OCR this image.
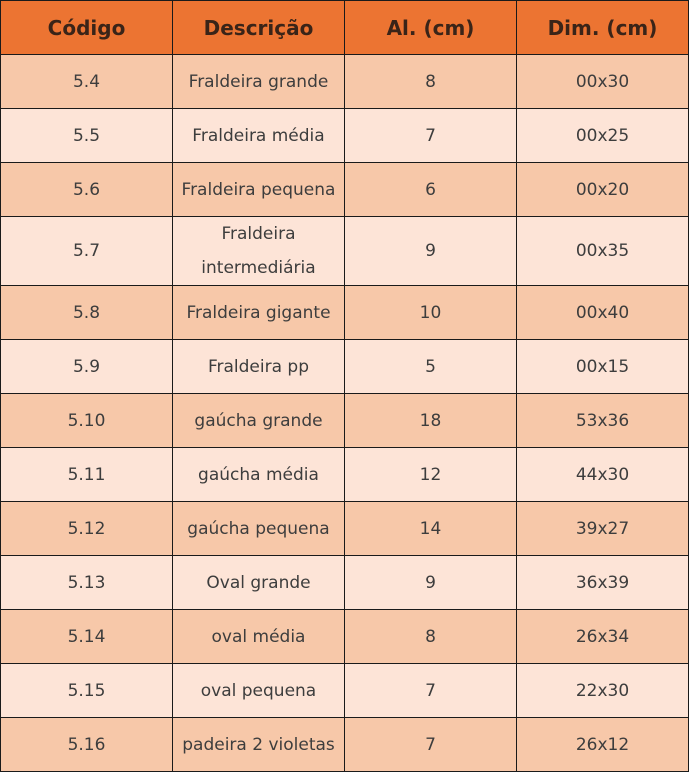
Código	Descrição	Al. (cm)	Dim. (cm)
5.4	Fraldeira grande	8	00x30
5.5	Fraldeira média	7	00x25
5.6	Fraldeira pequena	6	00x20
5.7	Fraldeira intermediária	9	00x35
5.8	Fraldeira gigante	10	00x40
5.9	Fraldeira pp	5	00x15
5.10	gaúcha grande	18	53x36
5.11	gaúcha média	12	44x30
5.12	gaúcha pequena	14	39x27
5.13	Oval grande	9	36x39
5.14	oval média	8	26x34
5.15	oval pequena	7	22x30
5.16	padeira 2 violetas	7	26x12
